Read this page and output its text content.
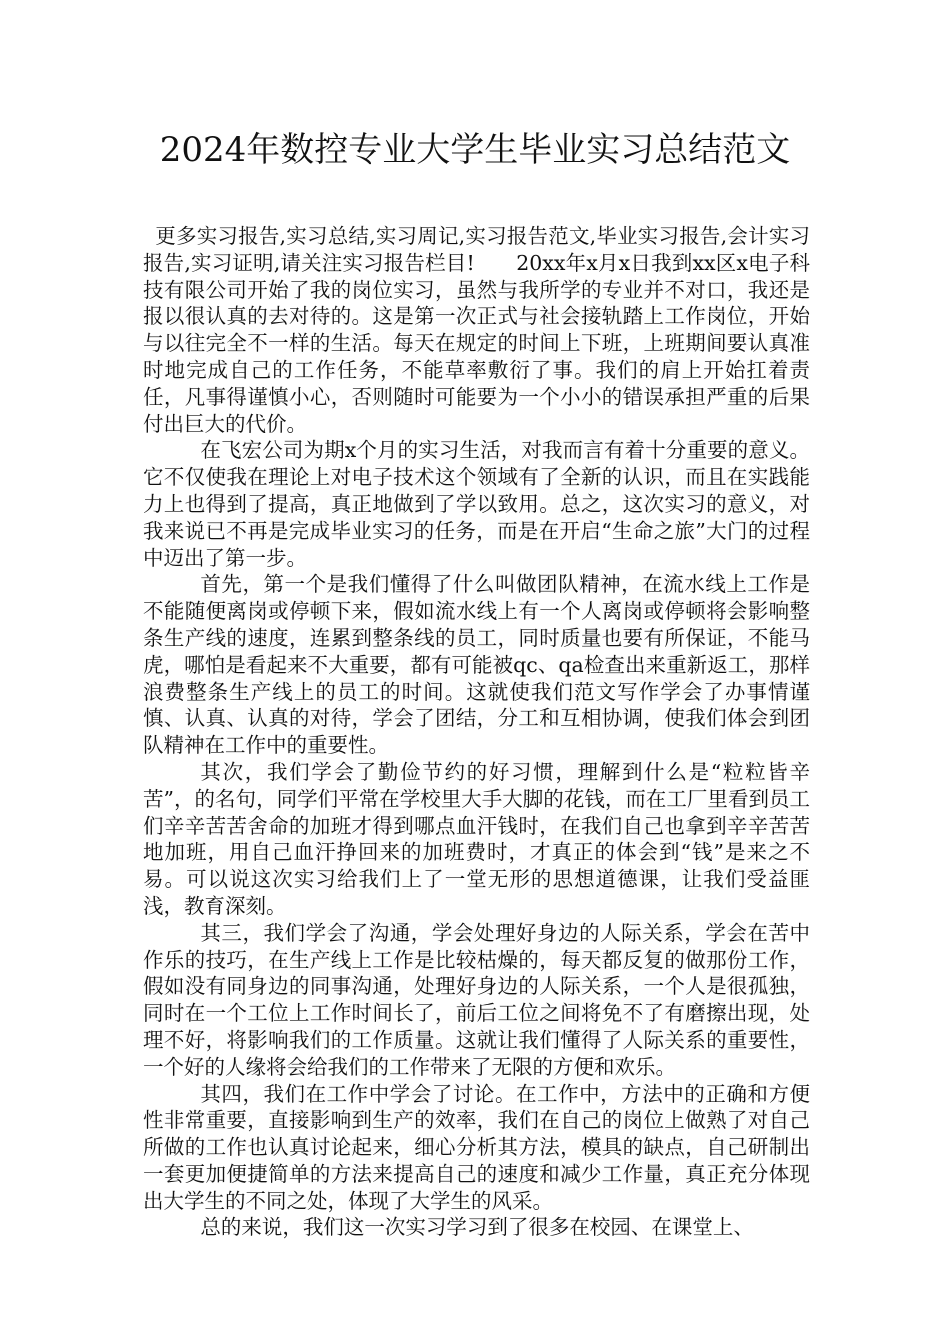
2024年数控专业大学生毕业实习总结范文

更多实习报告,实习总结,实习周记,实习报告范文,毕业实习报告,会计实习报告,实习证明,请关注实习报告栏目!　　20xx年x月x日我到xx区x电子科技有限公司开始了我的岗位实习，虽然与我所学的专业并不对口，我还是报以很认真的去对待的。这是第一次正式与社会接轨踏上工作岗位，开始与以往完全不一样的生活。每天在规定的时间上下班，上班期间要认真准时地完成自己的工作任务，不能草率敷衍了事。我们的肩上开始扛着责任，凡事得谨慎小心，否则随时可能要为一个小小的错误承担严重的后果付出巨大的代价。

在飞宏公司为期x个月的实习生活，对我而言有着十分重要的意义。它不仅使我在理论上对电子技术这个领域有了全新的认识，而且在实践能力上也得到了提高，真正地做到了学以致用。总之，这次实习的意义，对我来说已不再是完成毕业实习的任务，而是在开启“生命之旅”大门的过程中迈出了第一步。

首先，第一个是我们懂得了什么叫做团队精神，在流水线上工作是不能随便离岗或停顿下来，假如流水线上有一个人离岗或停顿将会影响整条生产线的速度，连累到整条线的员工，同时质量也要有所保证，不能马虎，哪怕是看起来不大重要，都有可能被qc、qa检查出来重新返工，那样浪费整条生产线上的员工的时间。这就使我们范文写作学会了办事情谨慎、认真、认真的对待，学会了团结，分工和互相协调，使我们体会到团队精神在工作中的重要性。

其次，我们学会了勤俭节约的好习惯，理解到什么是“粒粒皆辛苦”，的名句，同学们平常在学校里大手大脚的花钱，而在工厂里看到员工们辛辛苦苦舍命的加班才得到哪点血汗钱时，在我们自己也拿到辛辛苦苦地加班，用自己血汗挣回来的加班费时，才真正的体会到“钱”是来之不易。可以说这次实习给我们上了一堂无形的思想道德课，让我们受益匪浅，教育深刻。

其三，我们学会了沟通，学会处理好身边的人际关系，学会在苦中作乐的技巧，在生产线上工作是比较枯燥的，每天都反复的做那份工作，假如没有同身边的同事沟通，处理好身边的人际关系，一个人是很孤独，同时在一个工位上工作时间长了，前后工位之间将免不了有磨擦出现，处理不好，将影响我们的工作质量。这就让我们懂得了人际关系的重要性，一个好的人缘将会给我们的工作带来了无限的方便和欢乐。

其四，我们在工作中学会了讨论。在工作中，方法中的正确和方便性非常重要，直接影响到生产的效率，我们在自己的岗位上做熟了对自己所做的工作也认真讨论起来，细心分析其方法，模具的缺点，自己研制出一套更加便捷简单的方法来提高自己的速度和减少工作量，真正充分体现出大学生的不同之处，体现了大学生的风采。

总的来说，我们这一次实习学习到了很多在校园、在课堂上、
